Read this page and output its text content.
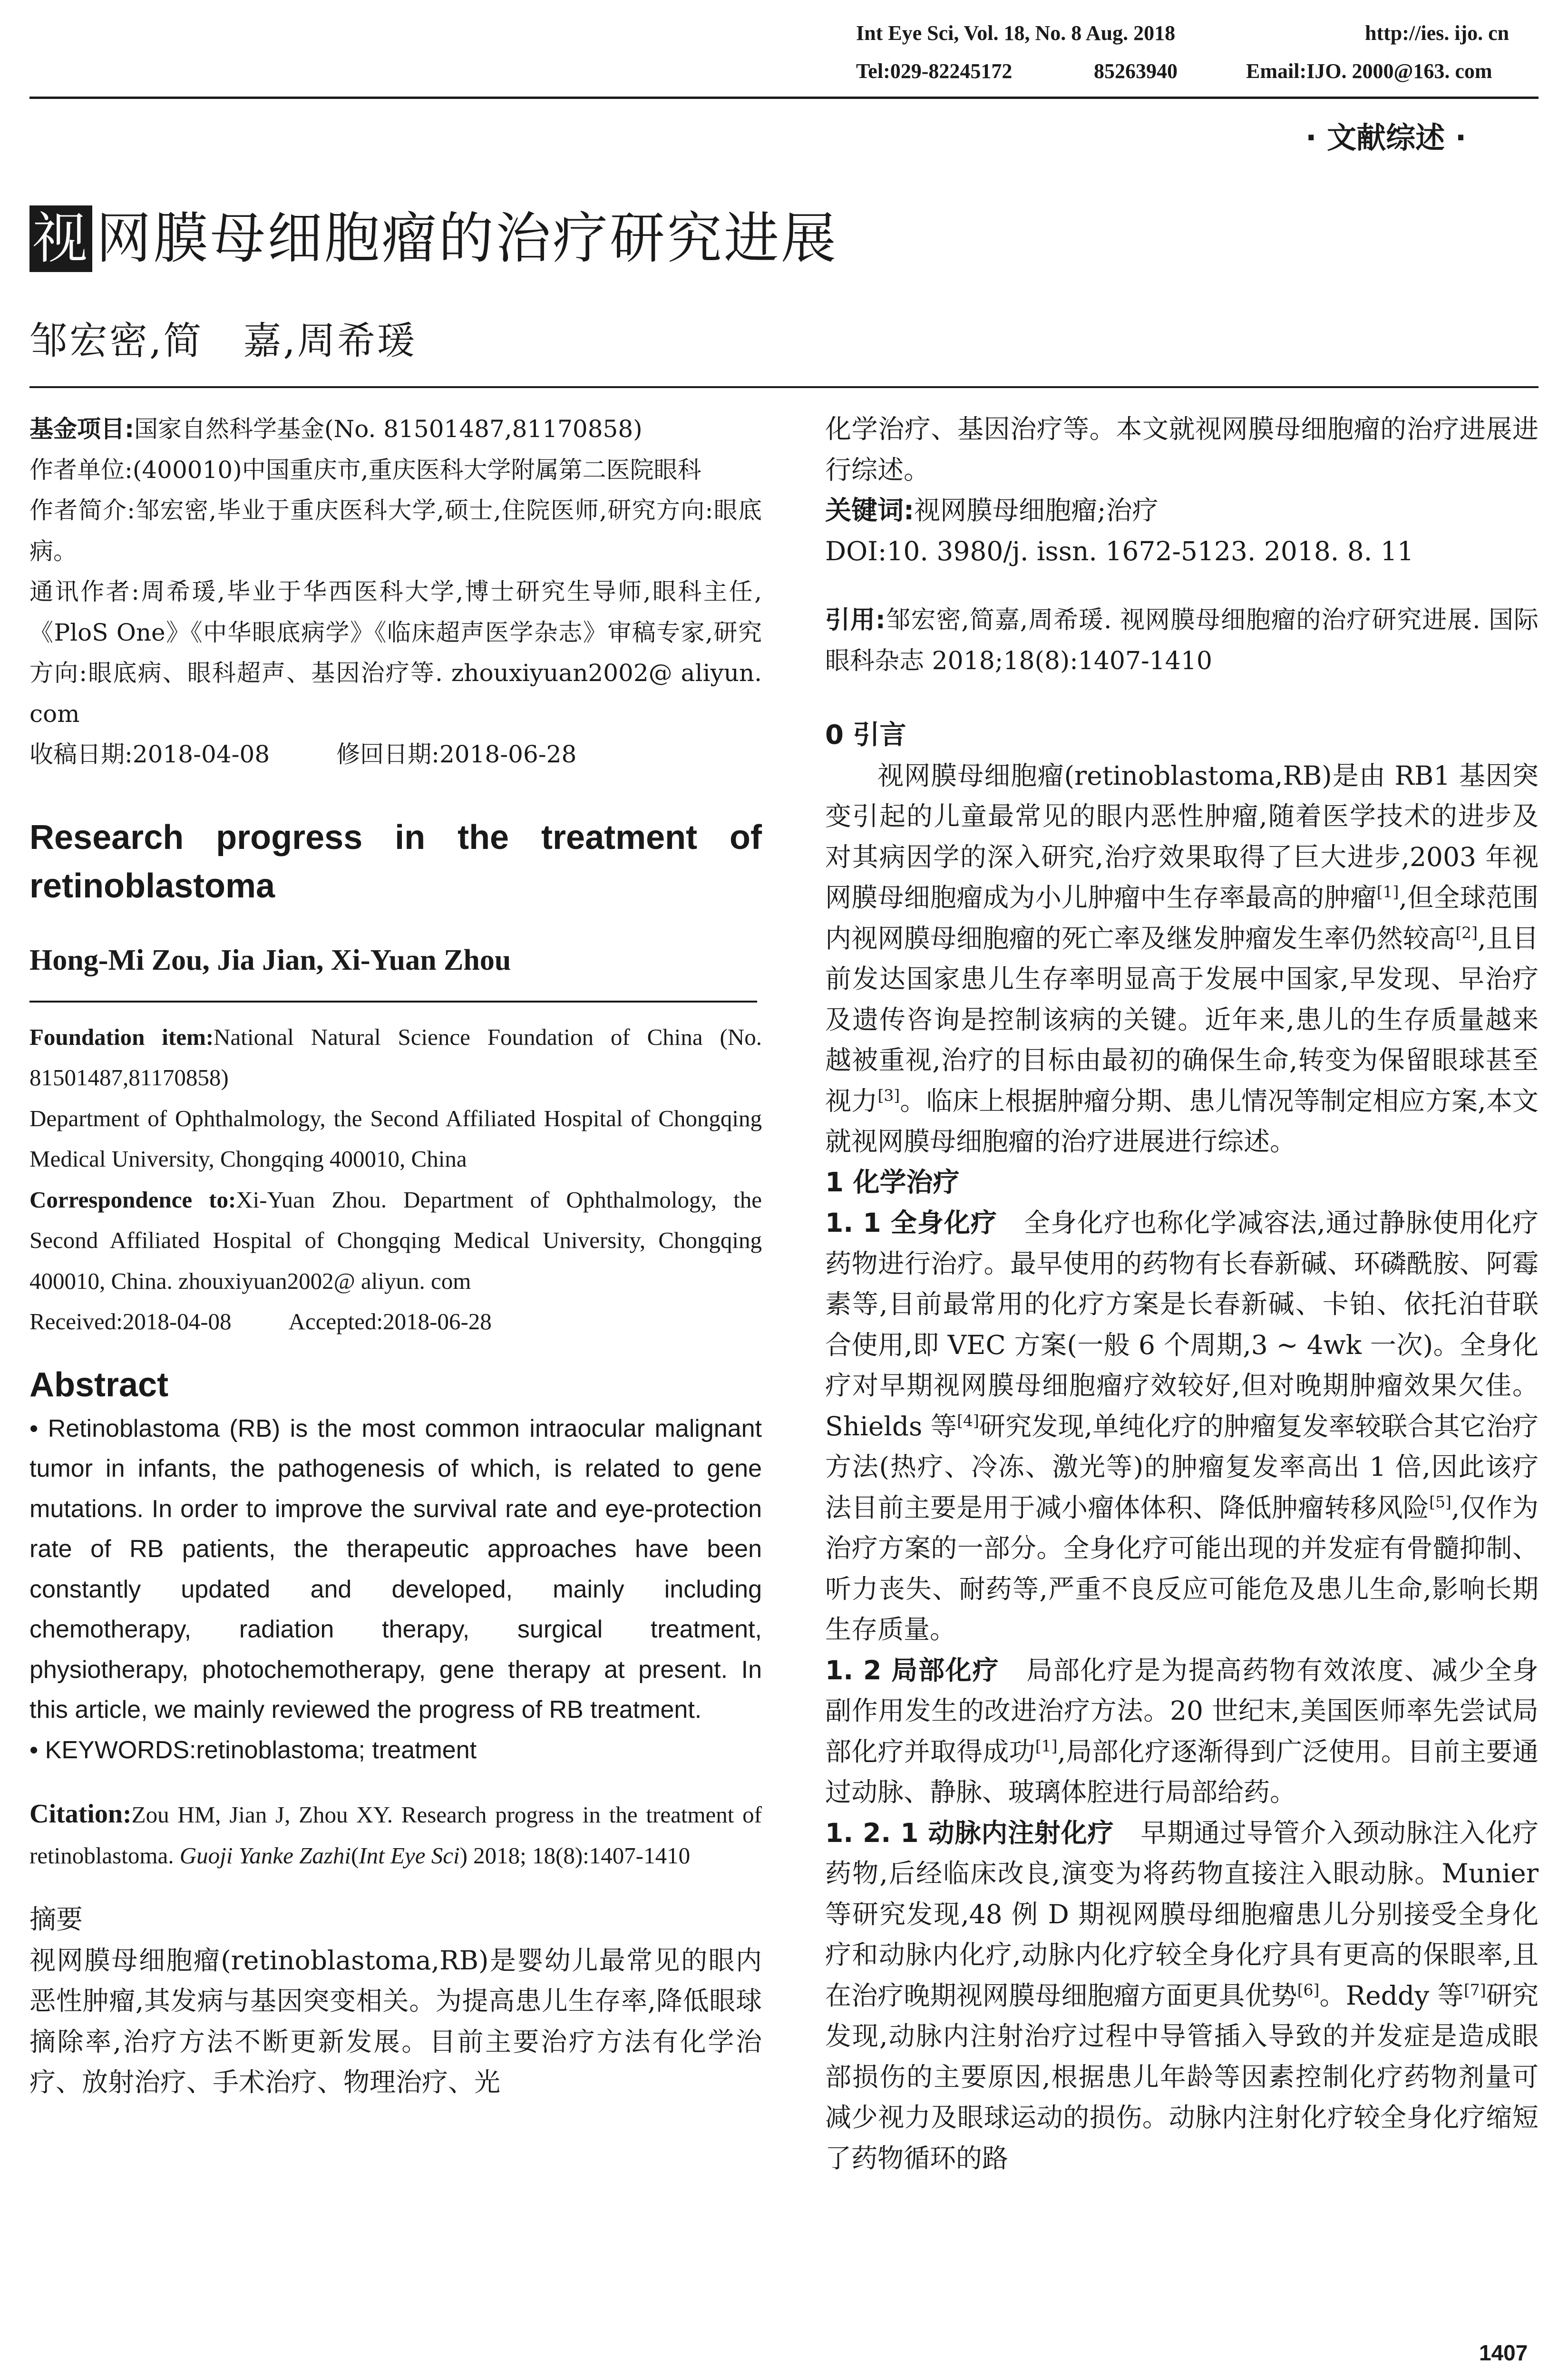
Int Eye Sci, Vol. 18, No. 8 Aug. 2018	http://ies. ijo. cn
Tel:029-82245172	85263940	Email:IJO. 2000@163. com
· 文献综述 ·
视 网膜母细胞瘤的治疗研究进展
邹宏密,简　嘉,周希瑗
基金项目:国家自然科学基金(No. 81501487,81170858)
作者单位:(400010)中国重庆市,重庆医科大学附属第二医院眼科
作者简介:邹宏密,毕业于重庆医科大学,硕士,住院医师,研究方向:眼底病。
通讯作者:周希瑗,毕业于华西医科大学,博士研究生导师,眼科主任,《PloS One》《中华眼底病学》《临床超声医学杂志》审稿专家,研究方向:眼底病、眼科超声、基因治疗等. zhouxiyuan2002@ aliyun. com
收稿日期:2018-04-08	修回日期:2018-06-28
Research progress in the treatment of retinoblastoma
Hong-Mi Zou, Jia Jian, Xi-Yuan Zhou
Foundation item:National Natural Science Foundation of China (No. 81501487,81170858)
Department of Ophthalmology, the Second Affiliated Hospital of Chongqing Medical University, Chongqing 400010, China
Correspondence to:Xi-Yuan Zhou. Department of Ophthalmology, the Second Affiliated Hospital of Chongqing Medical University, Chongqing 400010, China. zhouxiyuan2002@ aliyun. com
Received:2018-04-08 Accepted:2018-06-28
Abstract
• Retinoblastoma (RB) is the most common intraocular malignant tumor in infants, the pathogenesis of which, is related to gene mutations. In order to improve the survival rate and eye-protection rate of RB patients, the therapeutic approaches have been constantly updated and developed, mainly including chemotherapy, radiation therapy, surgical treatment, physiotherapy, photochemotherapy, gene therapy at present. In this article, we mainly reviewed the progress of RB treatment.
• KEYWORDS:retinoblastoma; treatment
Citation:Zou HM, Jian J, Zhou XY. Research progress in the treatment of retinoblastoma. Guoji Yanke Zazhi(Int Eye Sci) 2018; 18(8):1407-1410
摘要
视网膜母细胞瘤(retinoblastoma,RB)是婴幼儿最常见的眼内恶性肿瘤,其发病与基因突变相关。为提高患儿生存率,降低眼球摘除率,治疗方法不断更新发展。目前主要治疗方法有化学治疗、放射治疗、手术治疗、物理治疗、光
化学治疗、基因治疗等。本文就视网膜母细胞瘤的治疗进展进行综述。
关键词:视网膜母细胞瘤;治疗
DOI:10. 3980/j. issn. 1672-5123. 2018. 8. 11
引用:邹宏密,简嘉,周希瑗. 视网膜母细胞瘤的治疗研究进展. 国际眼科杂志 2018;18(8):1407-1410
0 引言
视网膜母细胞瘤(retinoblastoma,RB)是由 RB1 基因突变引起的儿童最常见的眼内恶性肿瘤,随着医学技术的进步及对其病因学的深入研究,治疗效果取得了巨大进步,2003 年视网膜母细胞瘤成为小儿肿瘤中生存率最高的肿瘤[1],但全球范围内视网膜母细胞瘤的死亡率及继发肿瘤发生率仍然较高[2],且目前发达国家患儿生存率明显高于发展中国家,早发现、早治疗及遗传咨询是控制该病的关键。近年来,患儿的生存质量越来越被重视,治疗的目标由最初的确保生命,转变为保留眼球甚至视力[3]。临床上根据肿瘤分期、患儿情况等制定相应方案,本文就视网膜母细胞瘤的治疗进展进行综述。
1 化学治疗
1. 1 全身化疗　全身化疗也称化学减容法,通过静脉使用化疗药物进行治疗。最早使用的药物有长春新碱、环磷酰胺、阿霉素等,目前最常用的化疗方案是长春新碱、卡铂、依托泊苷联合使用,即 VEC 方案(一般 6 个周期,3 ~ 4wk 一次)。全身化疗对早期视网膜母细胞瘤疗效较好,但对晚期肿瘤效果欠佳。Shields 等[4]研究发现,单纯化疗的肿瘤复发率较联合其它治疗方法(热疗、冷冻、激光等)的肿瘤复发率高出 1 倍,因此该疗法目前主要是用于减小瘤体体积、降低肿瘤转移风险[5],仅作为治疗方案的一部分。全身化疗可能出现的并发症有骨髓抑制、听力丧失、耐药等,严重不良反应可能危及患儿生命,影响长期生存质量。
1. 2 局部化疗　局部化疗是为提高药物有效浓度、减少全身副作用发生的改进治疗方法。20 世纪末,美国医师率先尝试局部化疗并取得成功[1],局部化疗逐渐得到广泛使用。目前主要通过动脉、静脉、玻璃体腔进行局部给药。
1. 2. 1 动脉内注射化疗　早期通过导管介入颈动脉注入化疗药物,后经临床改良,演变为将药物直接注入眼动脉。Munier 等研究发现,48 例 D 期视网膜母细胞瘤患儿分别接受全身化疗和动脉内化疗,动脉内化疗较全身化疗具有更高的保眼率,且在治疗晚期视网膜母细胞瘤方面更具优势[6]。Reddy 等[7]研究发现,动脉内注射治疗过程中导管插入导致的并发症是造成眼部损伤的主要原因,根据患儿年龄等因素控制化疗药物剂量可减少视力及眼球运动的损伤。动脉内注射化疗较全身化疗缩短了药物循环的路
1407
